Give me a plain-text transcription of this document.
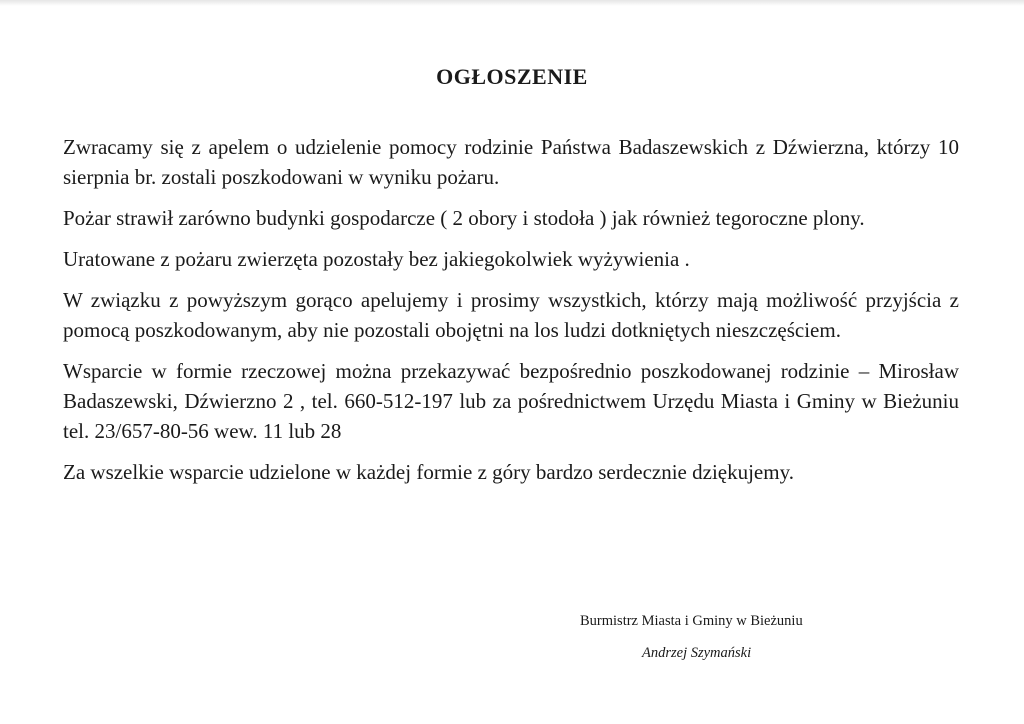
OGŁOSZENIE

Zwracamy się z apelem o udzielenie pomocy rodzinie Państwa Badaszewskich z Dźwierzna, którzy 10 sierpnia br. zostali poszkodowani w wyniku pożaru.

Pożar strawił zarówno budynki gospodarcze ( 2 obory i stodoła ) jak również tegoroczne plony.

Uratowane z pożaru zwierzęta pozostały bez jakiegokolwiek wyżywienia .

W związku z powyższym gorąco apelujemy i prosimy wszystkich, którzy mają możliwość przyjścia z pomocą poszkodowanym, aby nie pozostali obojętni na los ludzi dotkniętych nieszczęściem.

Wsparcie w formie rzeczowej można przekazywać bezpośrednio poszkodowanej rodzinie – Mirosław Badaszewski, Dźwierzno 2 , tel. 660-512-197 lub za pośrednictwem Urzędu Miasta i Gminy w Bieżuniu tel. 23/657-80-56 wew. 11 lub 28

Za wszelkie wsparcie udzielone w każdej formie z góry bardzo serdecznie dziękujemy.

Burmistrz Miasta i Gminy w Bieżuniu

Andrzej Szymański
